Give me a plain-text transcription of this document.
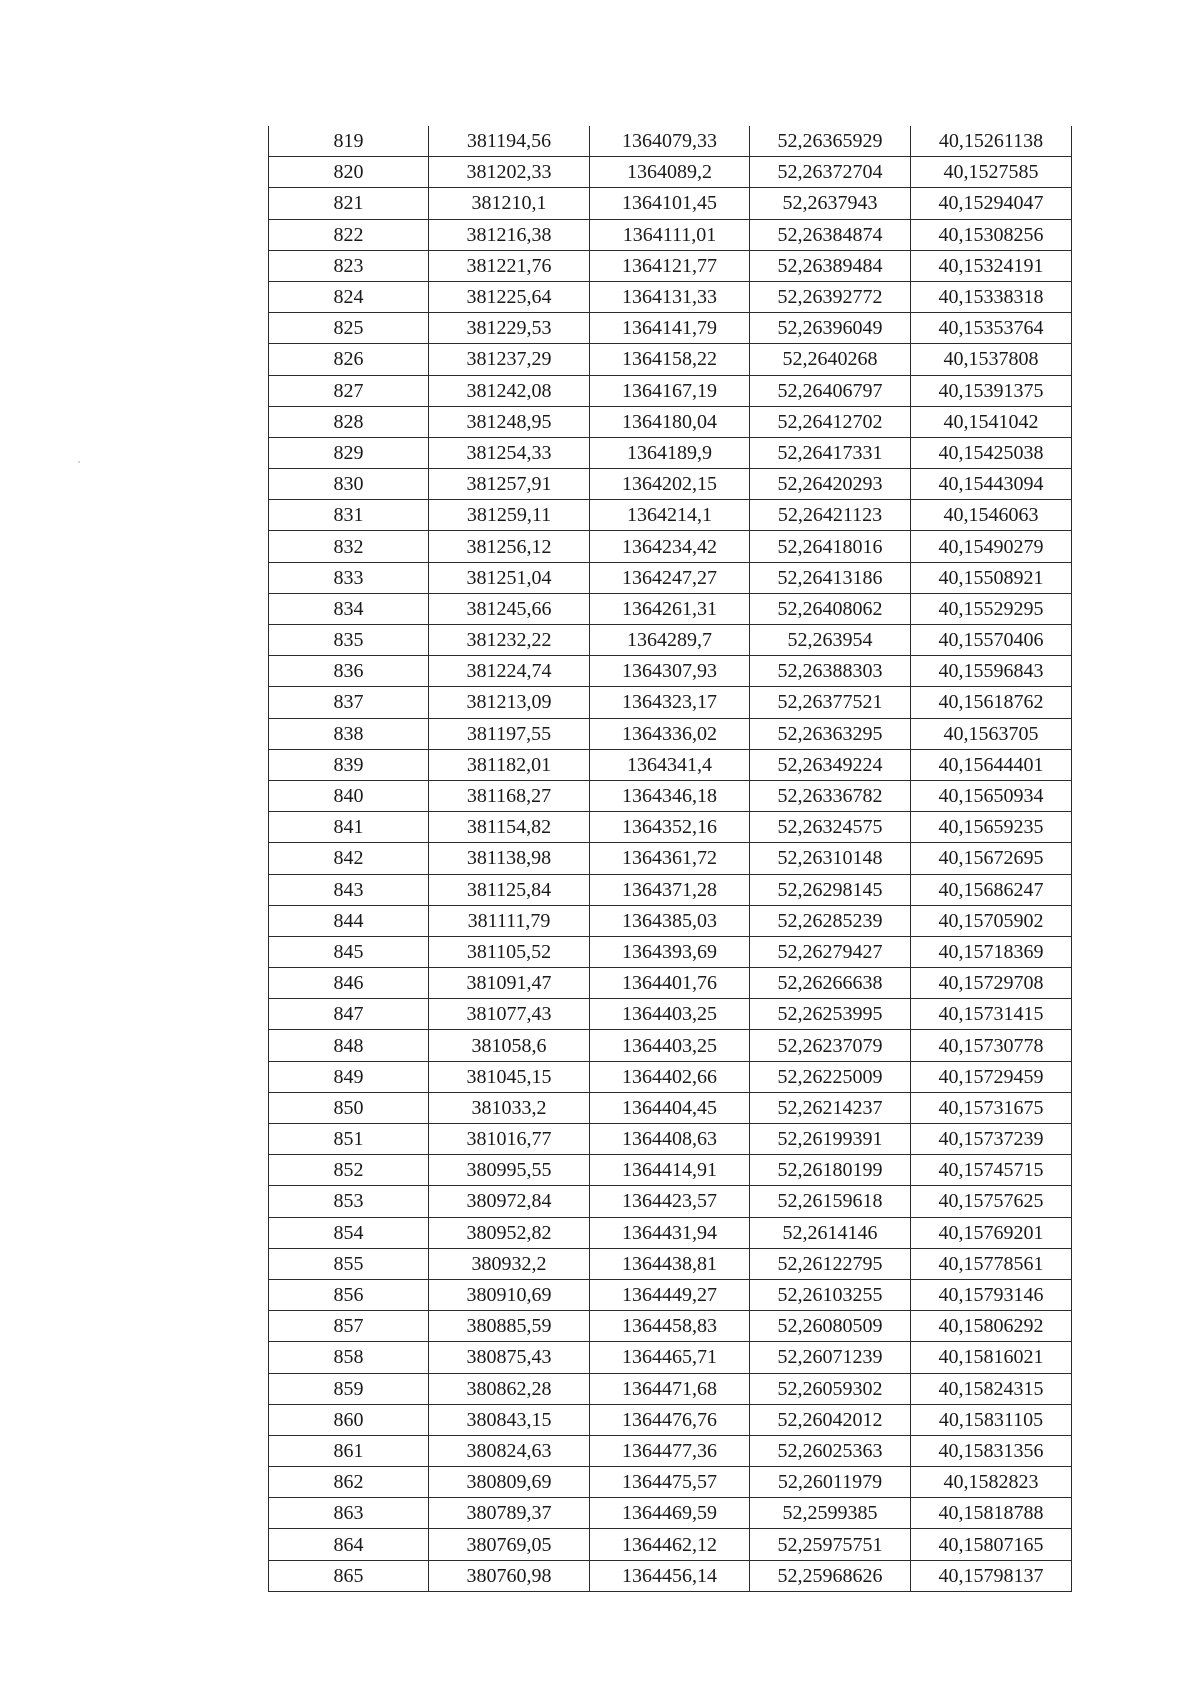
819	381194,56	1364079,33	52,26365929	40,15261138
820	381202,33	1364089,2	52,26372704	40,1527585
821	381210,1	1364101,45	52,2637943	40,15294047
822	381216,38	1364111,01	52,26384874	40,15308256
823	381221,76	1364121,77	52,26389484	40,15324191
824	381225,64	1364131,33	52,26392772	40,15338318
825	381229,53	1364141,79	52,26396049	40,15353764
826	381237,29	1364158,22	52,2640268	40,1537808
827	381242,08	1364167,19	52,26406797	40,15391375
828	381248,95	1364180,04	52,26412702	40,1541042
829	381254,33	1364189,9	52,26417331	40,15425038
830	381257,91	1364202,15	52,26420293	40,15443094
831	381259,11	1364214,1	52,26421123	40,1546063
832	381256,12	1364234,42	52,26418016	40,15490279
833	381251,04	1364247,27	52,26413186	40,15508921
834	381245,66	1364261,31	52,26408062	40,15529295
835	381232,22	1364289,7	52,263954	40,15570406
836	381224,74	1364307,93	52,26388303	40,15596843
837	381213,09	1364323,17	52,26377521	40,15618762
838	381197,55	1364336,02	52,26363295	40,1563705
839	381182,01	1364341,4	52,26349224	40,15644401
840	381168,27	1364346,18	52,26336782	40,15650934
841	381154,82	1364352,16	52,26324575	40,15659235
842	381138,98	1364361,72	52,26310148	40,15672695
843	381125,84	1364371,28	52,26298145	40,15686247
844	381111,79	1364385,03	52,26285239	40,15705902
845	381105,52	1364393,69	52,26279427	40,15718369
846	381091,47	1364401,76	52,26266638	40,15729708
847	381077,43	1364403,25	52,26253995	40,15731415
848	381058,6	1364403,25	52,26237079	40,15730778
849	381045,15	1364402,66	52,26225009	40,15729459
850	381033,2	1364404,45	52,26214237	40,15731675
851	381016,77	1364408,63	52,26199391	40,15737239
852	380995,55	1364414,91	52,26180199	40,15745715
853	380972,84	1364423,57	52,26159618	40,15757625
854	380952,82	1364431,94	52,2614146	40,15769201
855	380932,2	1364438,81	52,26122795	40,15778561
856	380910,69	1364449,27	52,26103255	40,15793146
857	380885,59	1364458,83	52,26080509	40,15806292
858	380875,43	1364465,71	52,26071239	40,15816021
859	380862,28	1364471,68	52,26059302	40,15824315
860	380843,15	1364476,76	52,26042012	40,15831105
861	380824,63	1364477,36	52,26025363	40,15831356
862	380809,69	1364475,57	52,26011979	40,1582823
863	380789,37	1364469,59	52,2599385	40,15818788
864	380769,05	1364462,12	52,25975751	40,15807165
865	380760,98	1364456,14	52,25968626	40,15798137
